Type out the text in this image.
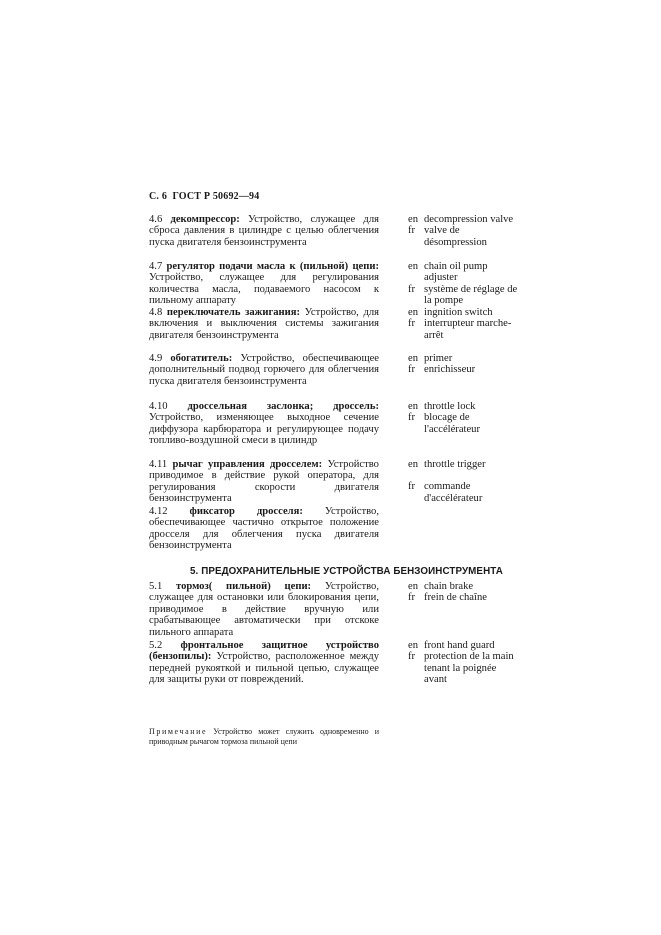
С. 6 ГОСТ Р 50692—94
4.6 декомпрессор: Устройство, служащее для сброса давления в цилиндре с целью облегчения пуска двигателя бензоинструмента
en decompression valve
fr valve de désompression
4.7 регулятор подачи масла к (пильной) цепи: Устройство, служащее для регулирования количества масла, подаваемого насосом к пильному аппарату
en chain oil pump adjuster
fr système de réglage de la pompe
4.8 переключатель зажигания: Устройство, для включения и выключения системы зажигания двигателя бензоинструмента
en ingnition switch
fr interrupteur marche-arrêt
4.9 обогатитель: Устройство, обеспечивающее дополнительный подвод горючего для облегчения пуска двигателя бензоинструмента
en primer
fr enrichisseur
4.10 дроссельная заслонка; дроссель: Устройство, изменяющее выходное сечение диффузора карбюратора и регулирующее подачу топливо-воздушной смеси в цилиндр
en throttle lock
fr blocage de l'accélérateur
4.11 рычаг управления дросселем: Устройство приводимое в действие рукой оператора, для регулирования скорости двигателя бензоинструмента
en throttle trigger
fr commande d'accélérateur
4.12 фиксатор дросселя: Устройство, обеспечивающее частично открытое положение дросселя для облегчения пуска двигателя бензоинструмента
5. ПРЕДОХРАНИТЕЛЬНЫЕ УСТРОЙСТВА БЕНЗОИНСТРУМЕНТА
5.1 тормоз( пильной) цепи: Устройство, служащее для остановки или блокирования цепи, приводимое в действие вручную или срабатывающее автоматически при отскоке пильного аппарата
en chain brake
fr frein de chaîne
5.2 фронтальное защитное устройство (бензопилы): Устройство, расположенное между передней рукояткой и пильной цепью, служащее для защиты руки от повреждений.
en front hand guard
fr protection de la main tenant la poignée avant
Примечание Устройство может служить одновременно и приводным рычагом тормоза пильной цепи
